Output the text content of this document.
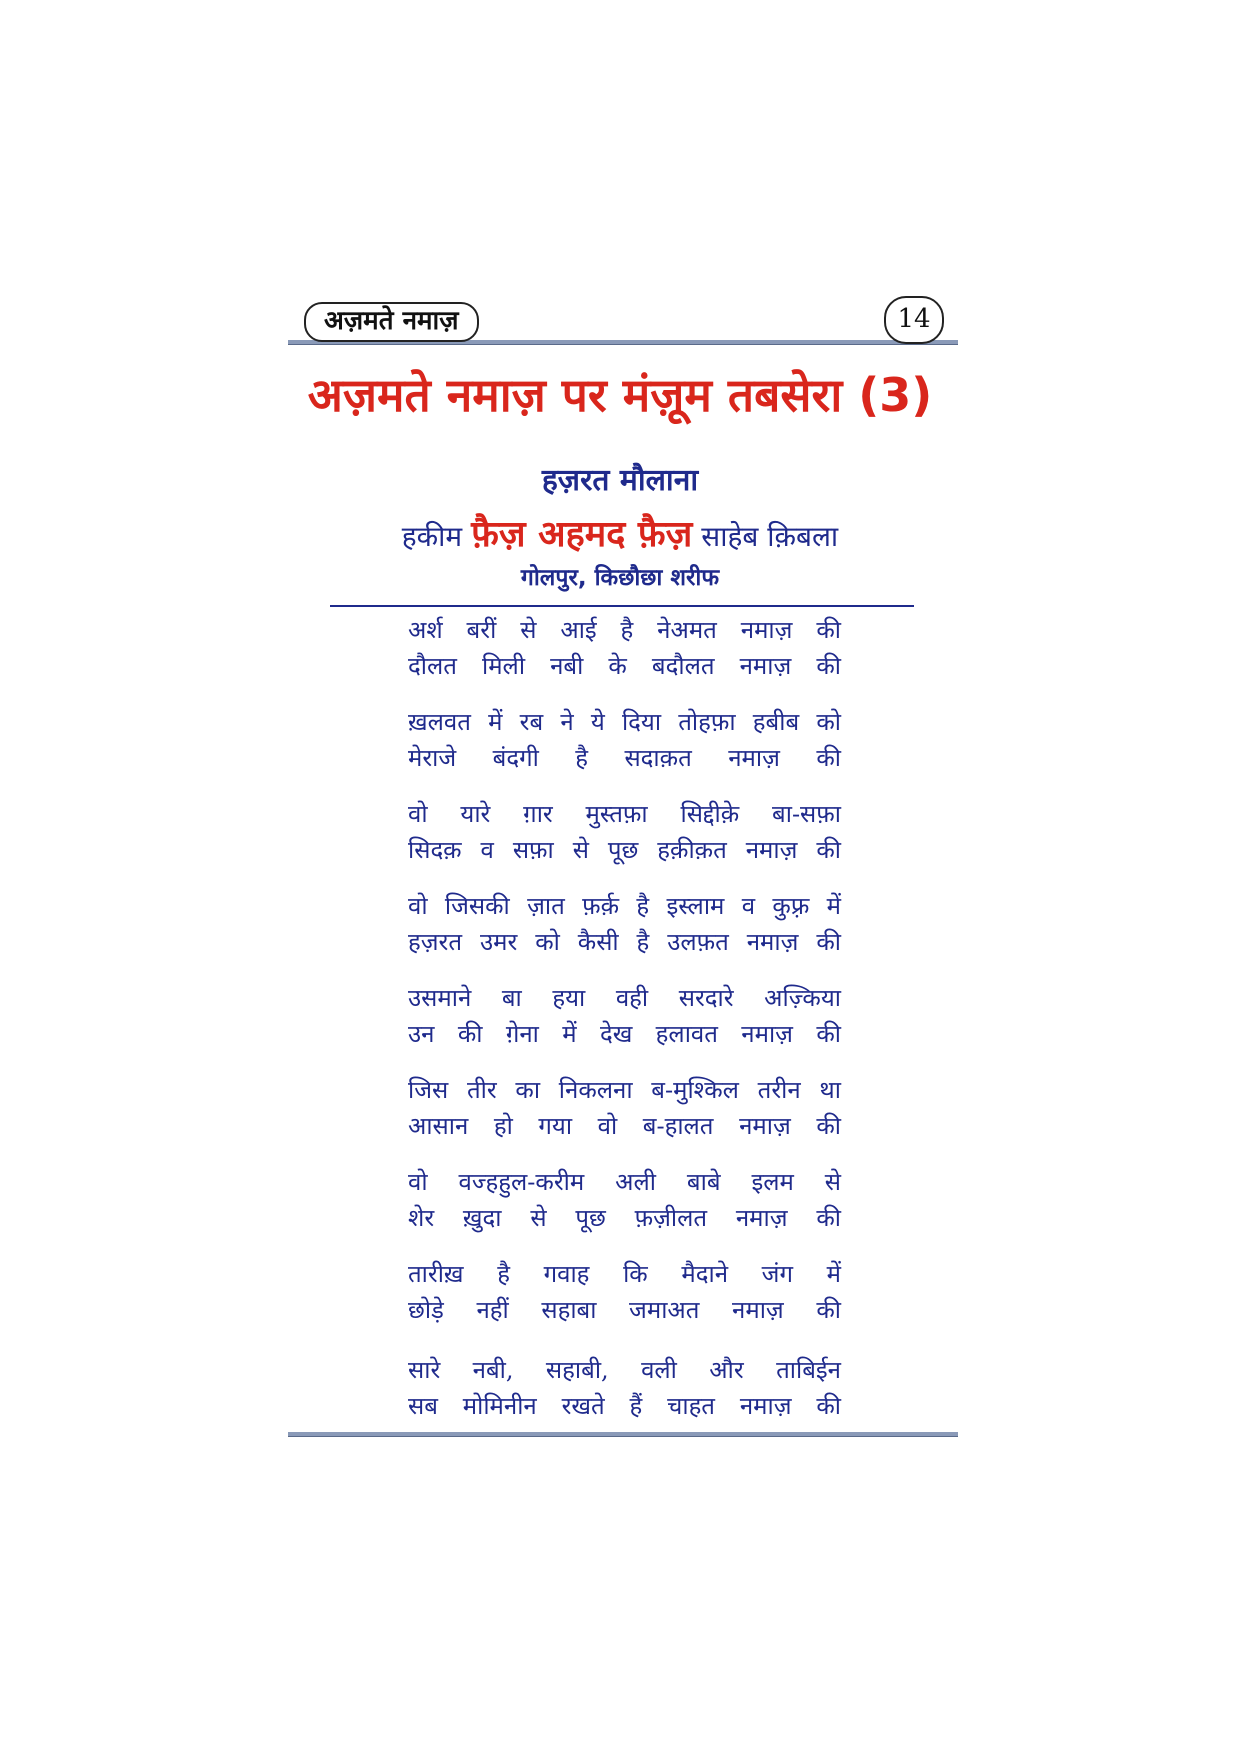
अज़मते नमाज़	14
अज़मते नमाज़ पर मंज़ूम तबसेरा (3)
हज़रत मौलाना
हकीम फ़ैज़ अहमद फ़ैज़ साहेब क़िबला
गोलपुर, किछौछा शरीफ
अर्श बरीं से आई है नेअमत नमाज़ की
दौलत मिली नबी के बदौलत नमाज़ की
ख़लवत में रब ने ये दिया तोहफ़ा हबीब को
मेराजे बंदगी है सदाक़त नमाज़ की
वो यारे ग़ार मुस्तफ़ा सिद्दीक़े बा-सफ़ा
सिदक़ व सफ़ा से पूछ हक़ीक़त नमाज़ की
वो जिसकी ज़ात फ़र्क़ है इस्लाम व कुफ़्र में
हज़रत उमर को कैसी है उलफ़त नमाज़ की
उसमाने बा हया वही सरदारे अज़्किया
उन की ग़ेना में देख हलावत नमाज़ की
जिस तीर का निकलना ब-मुश्किल तरीन था
आसान हो गया वो ब-हालत नमाज़ की
वो वज्हहुल-करीम अली बाबे इलम से
शेर ख़ुदा से पूछ फ़ज़ीलत नमाज़ की
तारीख़ है गवाह कि मैदाने जंग में
छोड़े नहीं सहाबा जमाअत नमाज़ की
सारे नबी, सहाबी, वली और ताबिईन
सब मोमिनीन रखते हैं चाहत नमाज़ की
